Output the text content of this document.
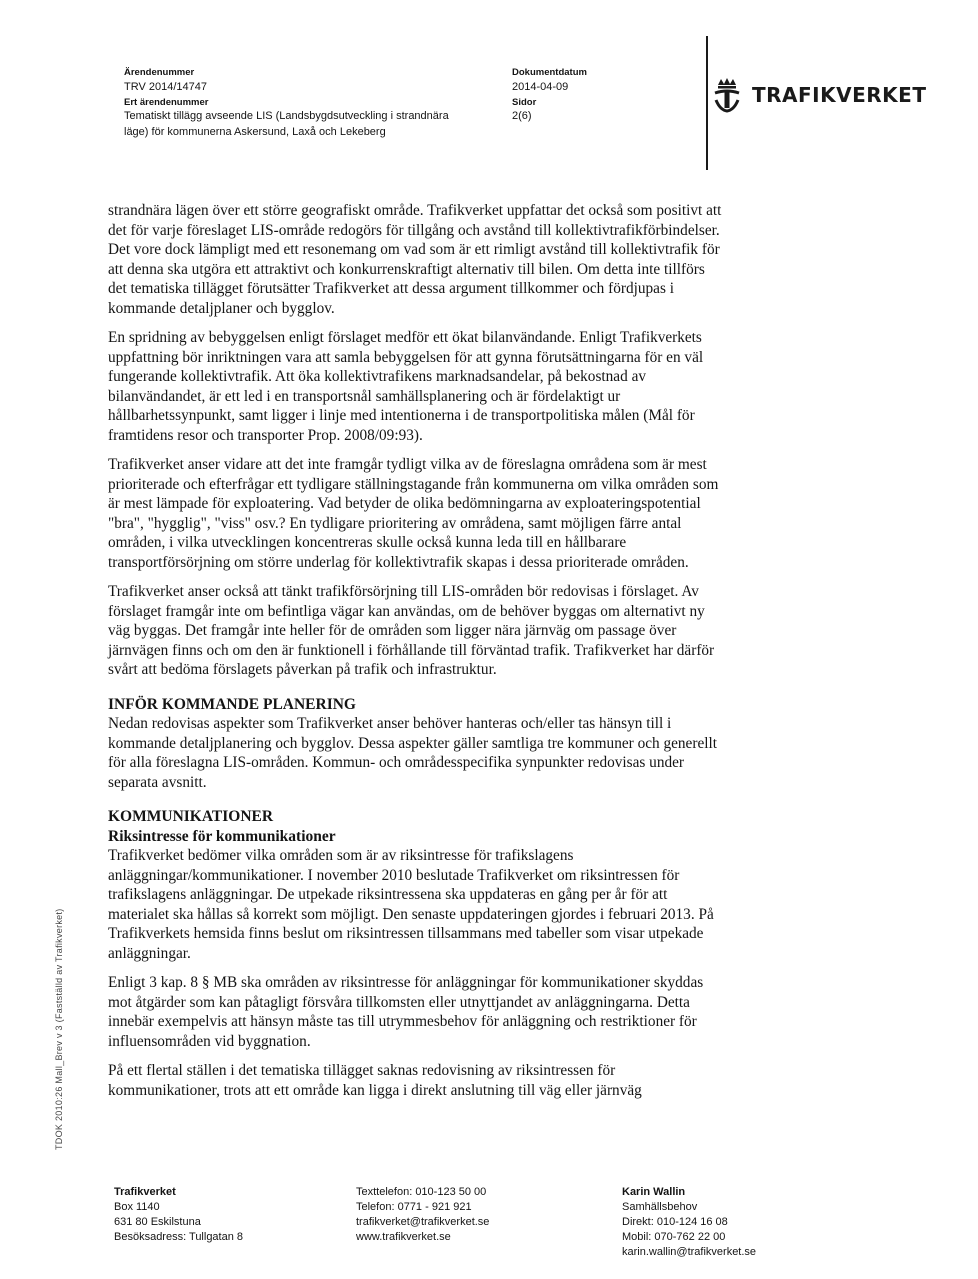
Ärendenummer
TRV 2014/14747
Ert ärendenummer
Tematiskt tillägg avseende LIS (Landsbygdsutveckling i strandnära
läge) för kommunerna Askersund, Laxå och Lekeberg
Dokumentdatum
2014-04-09
Sidor
2(6)
TRAFIKVERKET

strandnära lägen över ett större geografiskt område. Trafikverket uppfattar det också som positivt att det för varje föreslaget LIS-område redogörs för tillgång och avstånd till kollektivtrafikförbindelser. Det vore dock lämpligt med ett resonemang om vad som är ett rimligt avstånd till kollektivtrafik för att denna ska utgöra ett attraktivt och konkurrenskraftigt alternativ till bilen. Om detta inte tillförs det tematiska tillägget förutsätter Trafikverket att dessa argument tillkommer och fördjupas i kommande detaljplaner och bygglov.

En spridning av bebyggelsen enligt förslaget medför ett ökat bilanvändande. Enligt Trafikverkets uppfattning bör inriktningen vara att samla bebyggelsen för att gynna förutsättningarna för en väl fungerande kollektivtrafik. Att öka kollektivtrafikens marknadsandelar, på bekostnad av bilanvändandet, är ett led i en transportsnål samhällsplanering och är fördelaktigt ur hållbarhetssynpunkt, samt ligger i linje med intentionerna i de transportpolitiska målen (Mål för framtidens resor och transporter Prop. 2008/09:93).

Trafikverket anser vidare att det inte framgår tydligt vilka av de föreslagna områdena som är mest prioriterade och efterfrågar ett tydligare ställningstagande från kommunerna om vilka områden som är mest lämpade för exploatering. Vad betyder de olika bedömningarna av exploateringspotential "bra", "hygglig", "viss" osv.? En tydligare prioritering av områdena, samt möjligen färre antal områden, i vilka utvecklingen koncentreras skulle också kunna leda till en hållbarare transportförsörjning om större underlag för kollektivtrafik skapas i dessa prioriterade områden.

Trafikverket anser också att tänkt trafikförsörjning till LIS-områden bör redovisas i förslaget. Av förslaget framgår inte om befintliga vägar kan användas, om de behöver byggas om alternativt ny väg byggas. Det framgår inte heller för de områden som ligger nära järnväg om passage över järnvägen finns och om den är funktionell i förhållande till förväntad trafik. Trafikverket har därför svårt att bedöma förslagets påverkan på trafik och infrastruktur.

INFÖR KOMMANDE PLANERING

Nedan redovisas aspekter som Trafikverket anser behöver hanteras och/eller tas hänsyn till i kommande detaljplanering och bygglov. Dessa aspekter gäller samtliga tre kommuner och generellt för alla föreslagna LIS-områden. Kommun- och områdesspecifika synpunkter redovisas under separata avsnitt.

KOMMUNIKATIONER
Riksintresse för kommunikationer

Trafikverket bedömer vilka områden som är av riksintresse för trafikslagens anläggningar/kommunikationer. I november 2010 beslutade Trafikverket om riksintressen för trafikslagens anläggningar. De utpekade riksintressena ska uppdateras en gång per år för att materialet ska hållas så korrekt som möjligt. Den senaste uppdateringen gjordes i februari 2013. På Trafikverkets hemsida finns beslut om riksintressen tillsammans med tabeller som visar utpekade anläggningar.

Enligt 3 kap. 8 § MB ska områden av riksintresse för anläggningar för kommunikationer skyddas mot åtgärder som kan påtagligt försvåra tillkomsten eller utnyttjandet av anläggningarna. Detta innebär exempelvis att hänsyn måste tas till utrymmesbehov för anläggning och restriktioner för influensområden vid byggnation.

På ett flertal ställen i det tematiska tillägget saknas redovisning av riksintressen för kommunikationer, trots att ett område kan ligga i direkt anslutning till väg eller järnväg

TDOK 2010:26 Mall_Brev v 3 (Fastställd av Trafikverket)
Trafikverket
Box 1140
631 80 Eskilstuna
Besöksadress: Tullgatan 8
Texttelefon: 010-123 50 00
Telefon: 0771 - 921 921
trafikverket@trafikverket.se
www.trafikverket.se
Karin Wallin
Samhällsbehov
Direkt: 010-124 16 08
Mobil: 070-762 22 00
karin.wallin@trafikverket.se
